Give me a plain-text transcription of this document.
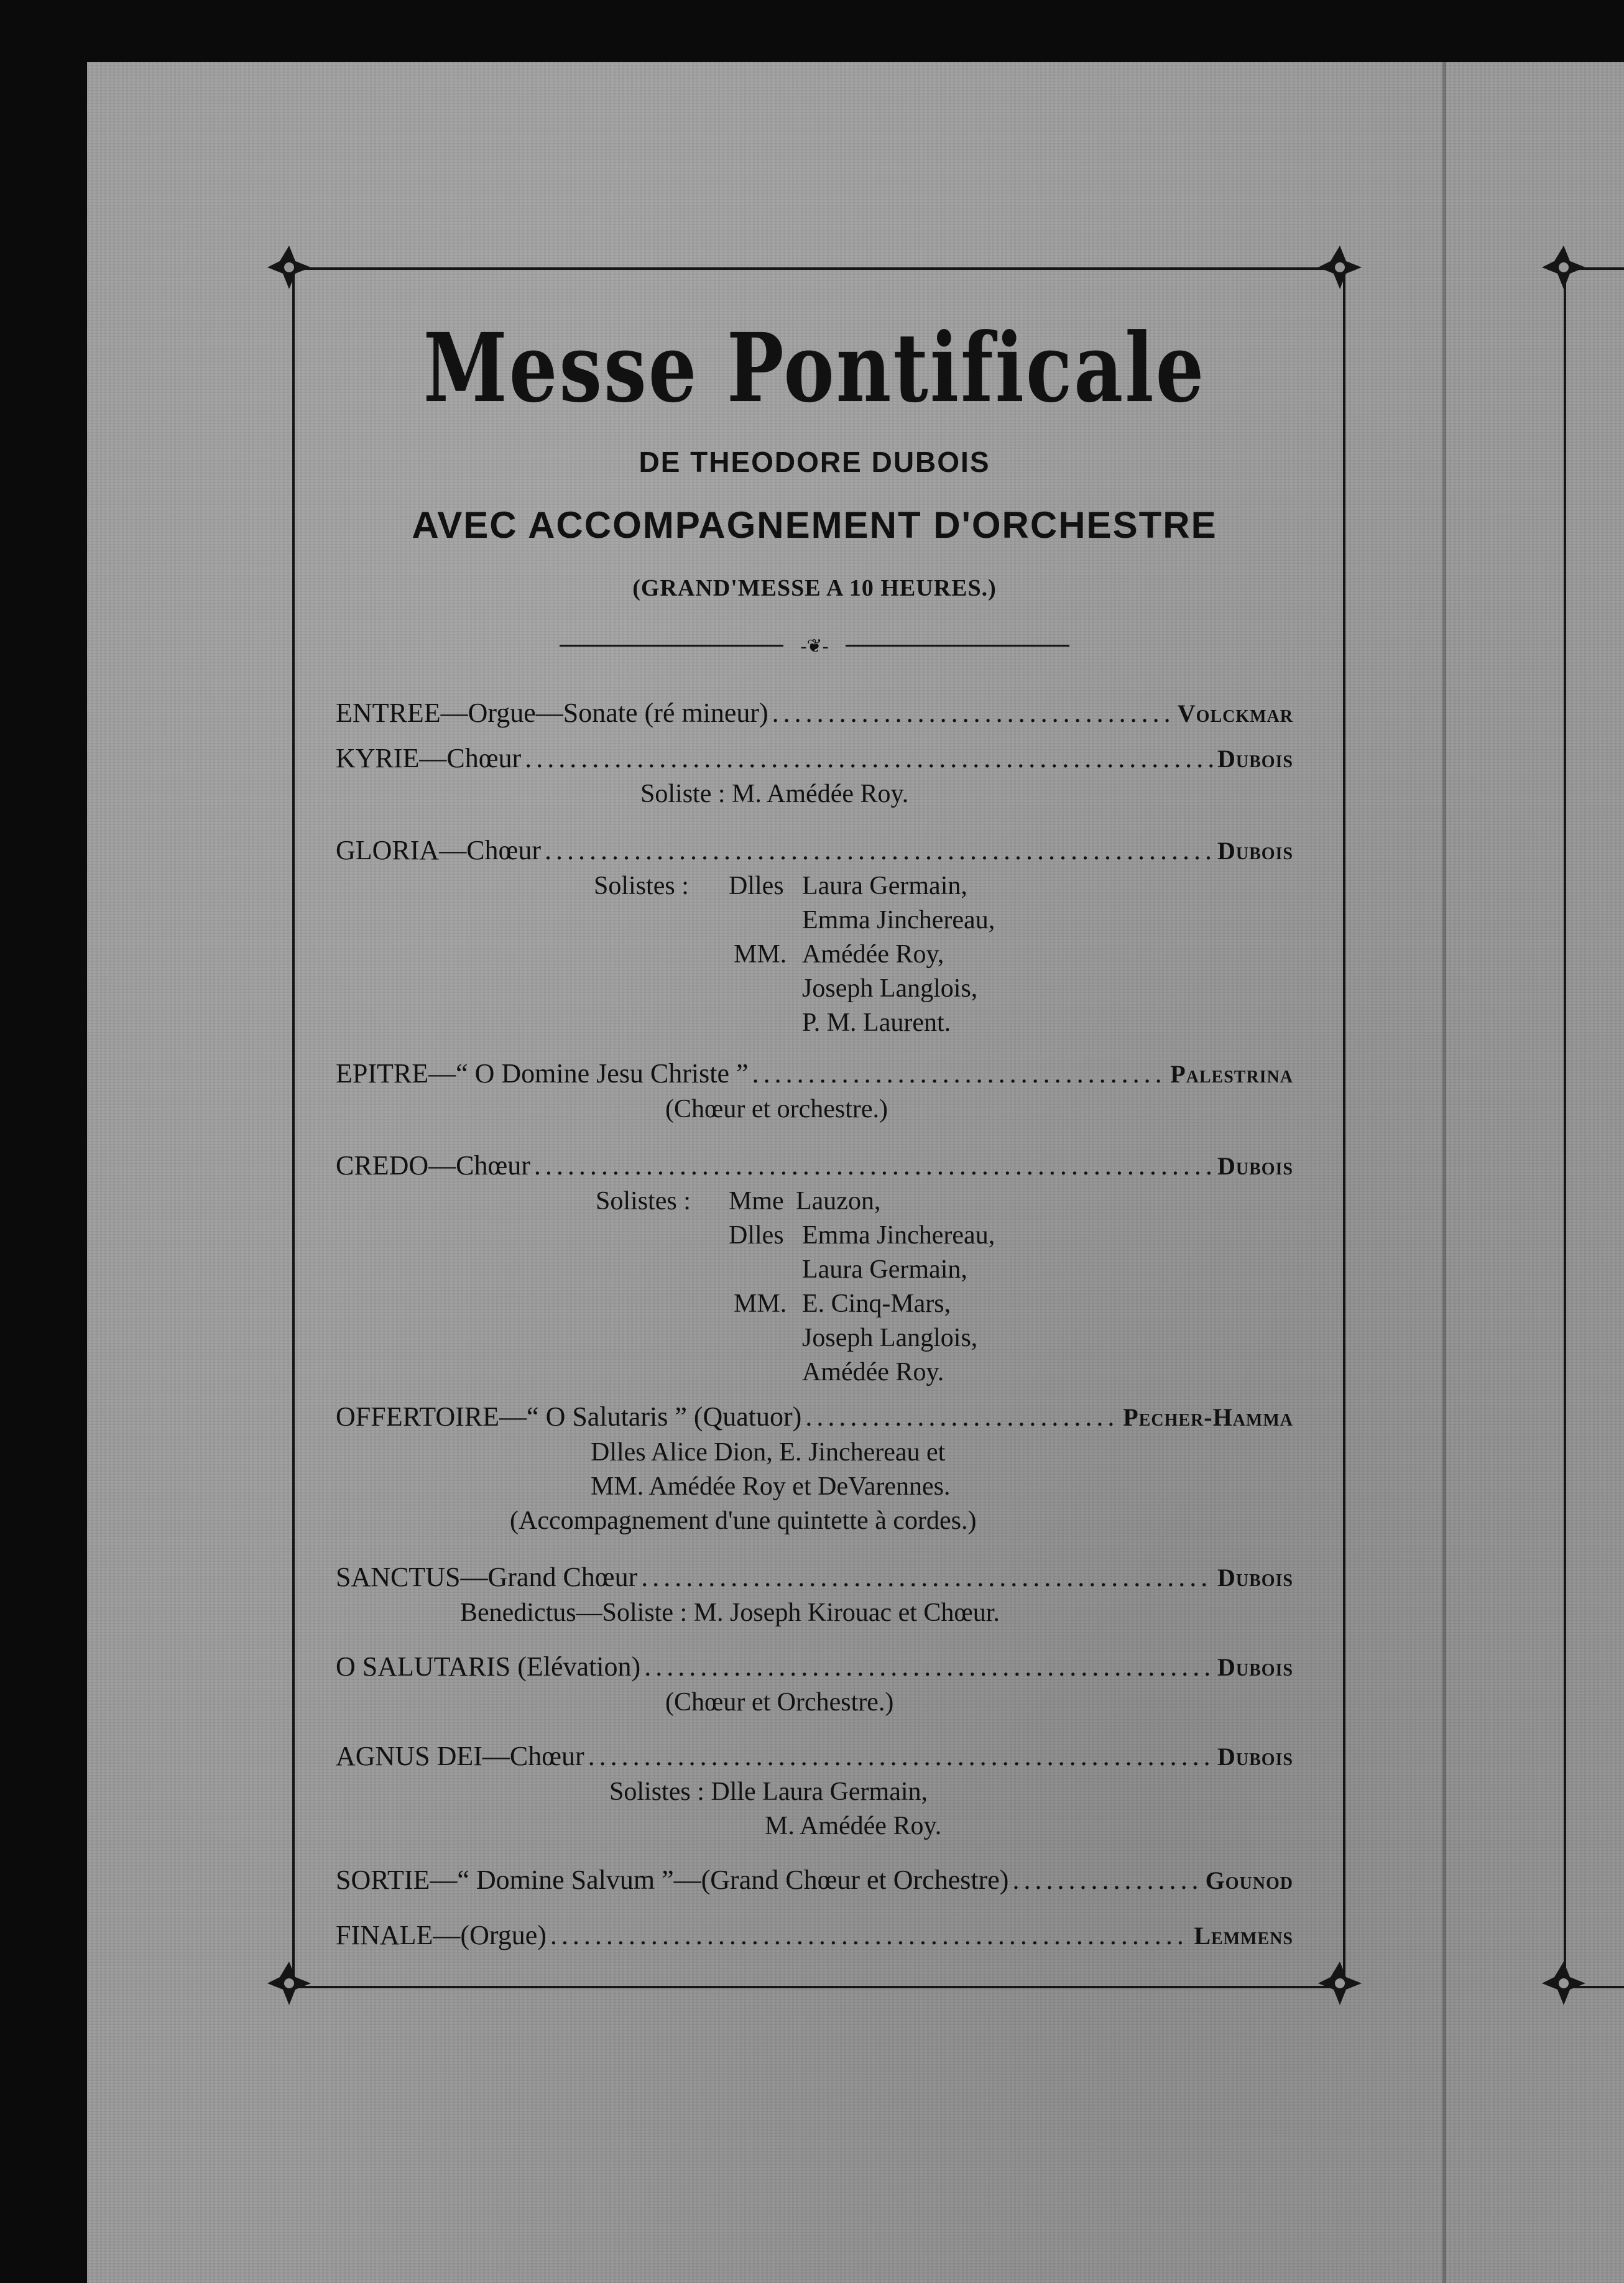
Messe Pontificale
DE THEODORE DUBOIS
AVEC ACCOMPAGNEMENT D'ORCHESTRE
(GRAND'MESSE A 10 HEURES.)
-❦-
ENTREE—Orgue—Sonate (ré mineur) . . .	Volckmar
KYRIE—Chœur . . .	Dubois
Soliste : M. Amédée Roy.
GLORIA—Chœur . . .	Dubois
Solistes : Dlles Laura Germain,
Emma Jinchereau,
MM. Amédée Roy,
Joseph Langlois,
P. M. Laurent.
EPITRE—“ O Domine Jesu Christe ” . . .	Palestrina
(Chœur et orchestre.)
CREDO—Chœur . . .	Dubois
Solistes : Mme Lauzon,
Dlles Emma Jinchereau,
Laura Germain,
MM. E. Cinq-Mars,
Joseph Langlois,
Amédée Roy.
OFFERTOIRE—“ O Salutaris ” (Quatuor) . . .	Pecher-Hamma
Dlles Alice Dion, E. Jinchereau et
MM. Amédée Roy et DeVarennes.
(Accompagnement d'une quintette à cordes.)
SANCTUS—Grand Chœur . . .	Dubois
Benedictus—Soliste : M. Joseph Kirouac et Chœur.
O SALUTARIS (Elévation) . . .	Dubois
(Chœur et Orchestre.)
AGNUS DEI—Chœur . . .	Dubois
Solistes : Dlle Laura Germain,
M. Amédée Roy.
SORTIE—“ Domine Salvum ”—(Grand Chœur et Orchestre) . . .	Gounod
FINALE—(Orgue) . . .	Lemmens
